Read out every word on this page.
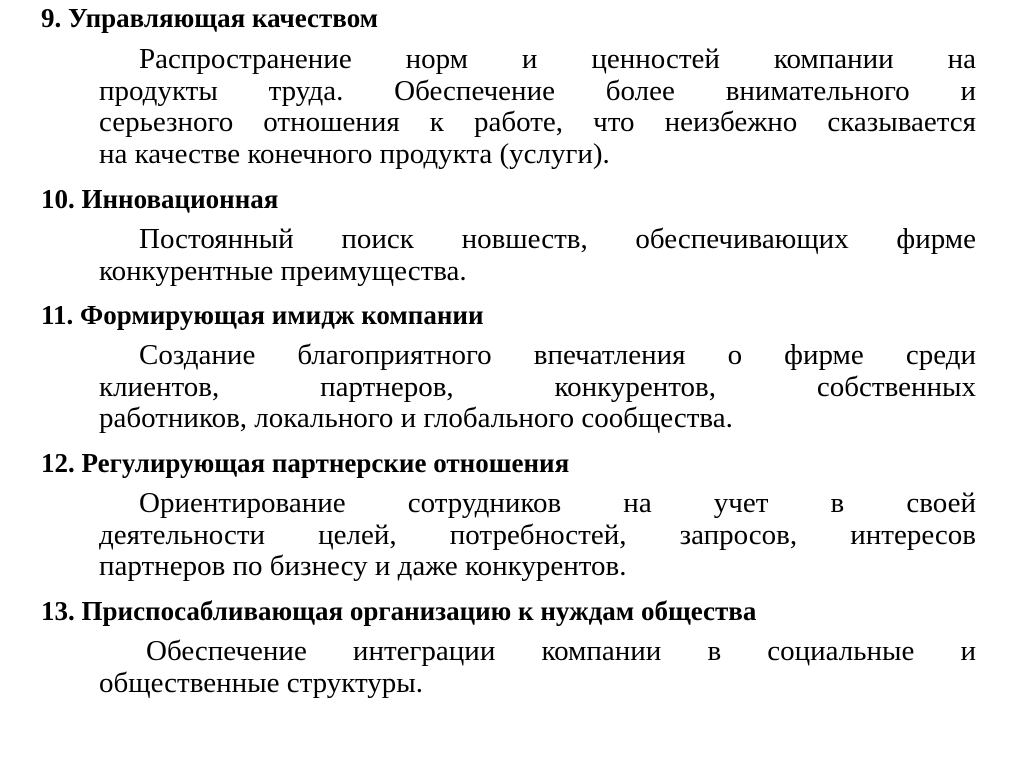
9. Управляющая качеством
Распространение норм и ценностей компании на
продукты труда. Обеспечение более внимательного и
серьезного отношения к работе, что неизбежно сказывается
на качестве конечного продукта (услуги).
10. Инновационная
Постоянный поиск новшеств, обеспечивающих фирме
конкурентные преимущества.
11. Формирующая имидж компании
Создание благоприятного впечатления о фирме среди
клиентов, партнеров, конкурентов, собственных
работников, локального и глобального сообщества.
12. Регулирующая партнерские отношения
Ориентирование сотрудников на учет в своей
деятельности целей, потребностей, запросов, интересов
партнеров по бизнесу и даже конкурентов.
13. Приспосабливающая организацию к нуждам общества
Обеспечение интеграции компании в социальные и
общественные структуры.
